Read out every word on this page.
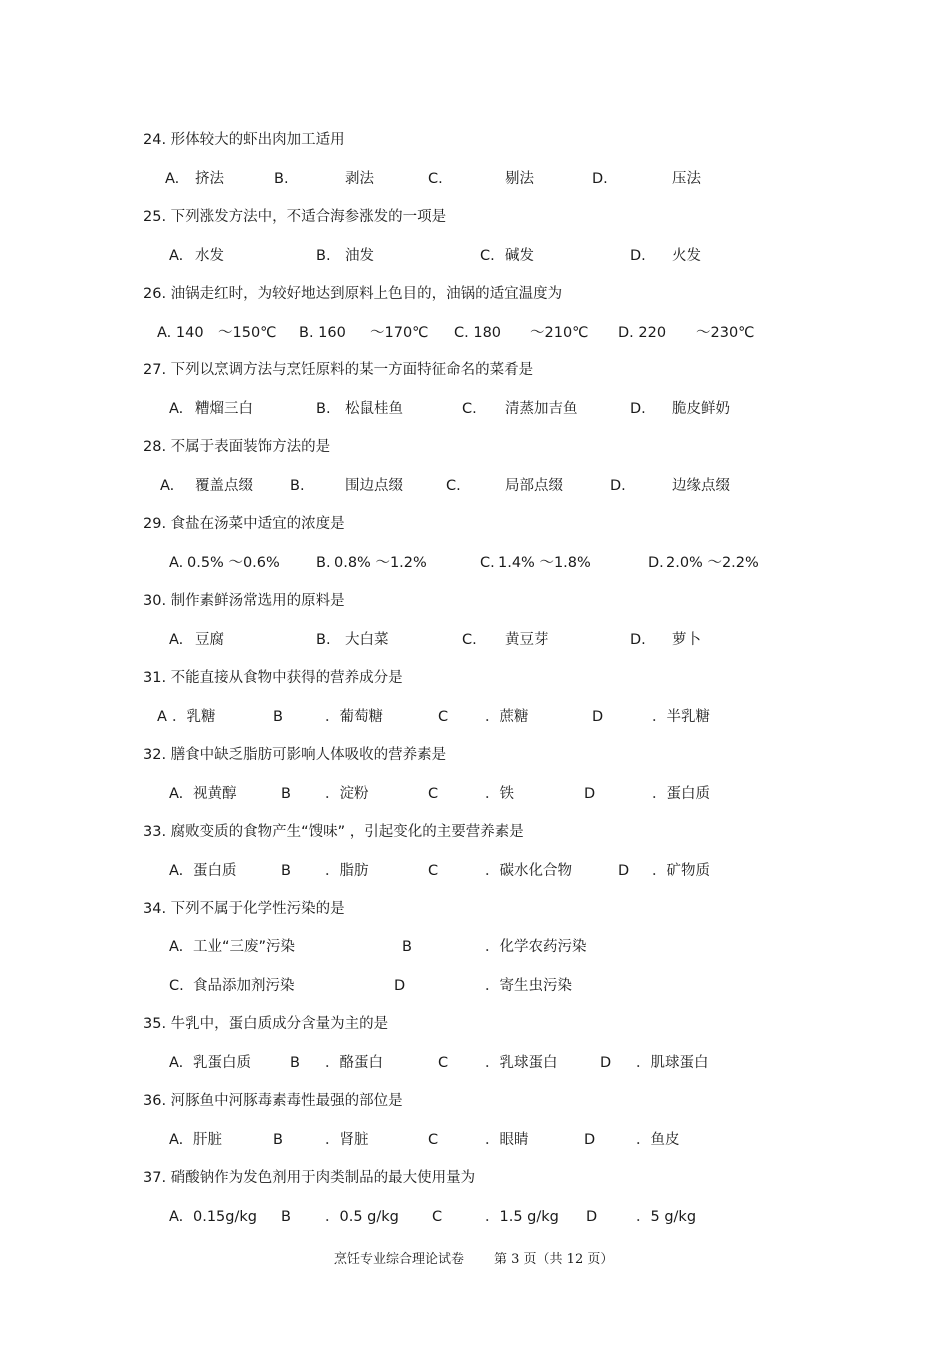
24. 形体较大的虾出肉加工适用
A. 挤法	B.	剥法	C.	剔法	D.	压法
25. 下列涨发方法中，不适合海参涨发的一项是
A. 水发	B. 油发	C. 碱发	D. 火发
26. 油锅走红时，为较好地达到原料上色目的，油锅的适宜温度为
A. 140 ～150℃ B. 160 ～170℃ C. 180 ～210℃ D. 220 ～230℃
27. 下列以烹调方法与烹饪原料的某一方面特征命名的菜肴是
A. 糟熘三白	B. 松鼠桂鱼	C. 清蒸加吉鱼	D. 脆皮鲜奶
28. 不属于表面装饰方法的是
A. 覆盖点缀	B.	围边点缀	C.	局部点缀	D.	边缘点缀
29. 食盐在汤菜中适宜的浓度是
A. 0.5% ～0.6% B. 0.8% ～1.2%	C. 1.4% ～1.8%	D. 2.0% ～2.2%
30. 制作素鲜汤常选用的原料是
A. 豆腐	B. 大白菜	C. 黄豆芽	D. 萝卜
31. 不能直接从食物中获得的营养成分是
A ．乳糖	B	．葡萄糖	C	．蔗糖	D	．半乳糖
32. 膳食中缺乏脂肪可影响人体吸收的营养素是
A. 视黄醇	B ．淀粉	C	．铁	D	．蛋白质
33. 腐败变质的食物产生“馊味” ，引起变化的主要营养素是
A. 蛋白质	B ．脂肪	C	．碳水化合物	D ．矿物质
34. 下列不属于化学性污染的是
A. 工业“三废”污染	B	．化学农药污染
C. 食品添加剂污染	D	．寄生虫污染
35. 牛乳中，蛋白质成分含量为主的是
A. 乳蛋白质	B ．酪蛋白	C	．乳球蛋白	D ．肌球蛋白
36. 河豚鱼中河豚毒素毒性最强的部位是
A. 肝脏	B	．肾脏	C	．眼睛	D	．鱼皮
37. 硝酸钠作为发色剂用于肉类制品的最大使用量为
A. 0.15g/kg B ．0.5 g/kg C	．1.5 g/kg D	．5 g/kg
烹饪专业综合理论试卷 第 3 页（共 12 页）
